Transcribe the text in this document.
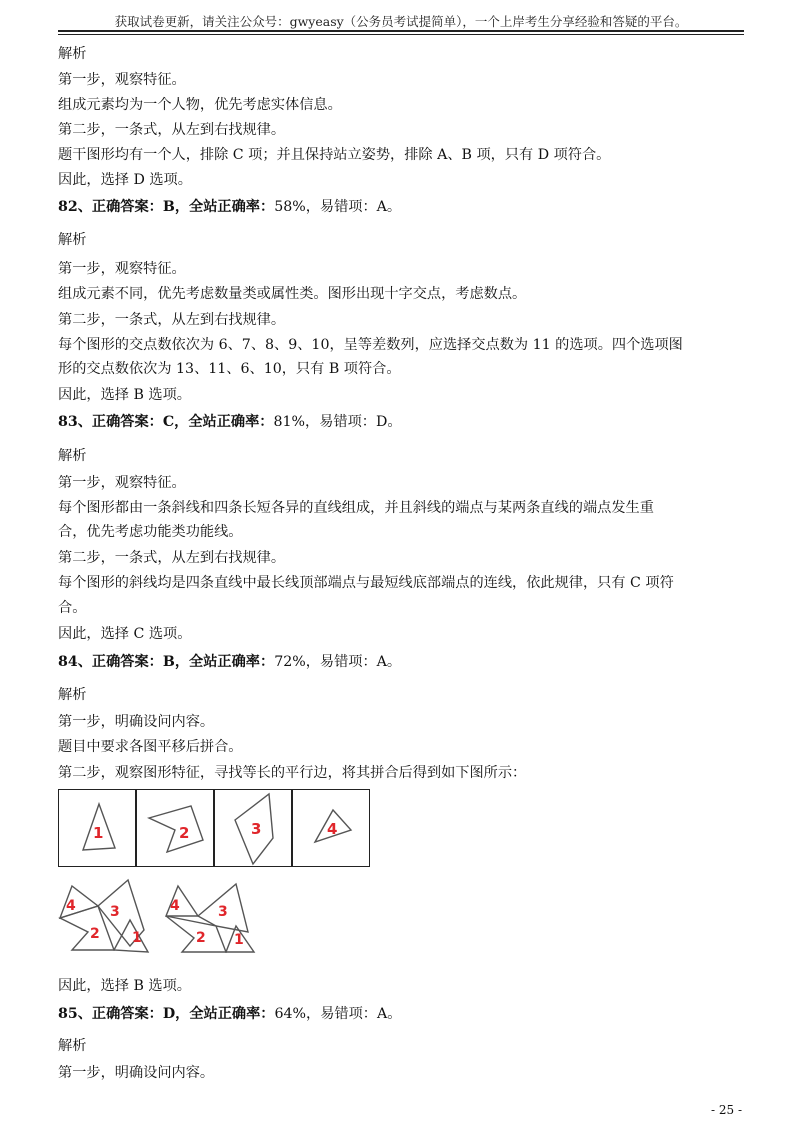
获取试卷更新，请关注公众号：gwyeasy（公务员考试提简单），一个上岸考生分享经验和答疑的平台。
解析
第一步，观察特征。
组成元素均为一个人物，优先考虑实体信息。
第二步，一条式，从左到右找规律。
题干图形均有一个人，排除 C 项；并且保持站立姿势，排除 A、B 项，只有 D 项符合。
因此，选择 D 选项。
82、正确答案：B，全站正确率：58%，易错项：A。
解析
第一步，观察特征。
组成元素不同，优先考虑数量类或属性类。图形出现十字交点，考虑数点。
第二步，一条式，从左到右找规律。
每个图形的交点数依次为 6、7、8、9、10，呈等差数列，应选择交点数为 11 的选项。四个选项图
形的交点数依次为 13、11、6、10，只有 B 项符合。
因此，选择 B 选项。
83、正确答案：C，全站正确率：81%，易错项：D。
解析
第一步，观察特征。
每个图形都由一条斜线和四条长短各异的直线组成，并且斜线的端点与某两条直线的端点发生重
合，优先考虑功能类功能线。
第二步，一条式，从左到右找规律。
每个图形的斜线均是四条直线中最长线顶部端点与最短线底部端点的连线，依此规律，只有 C 项符
合。
因此，选择 C 选项。
84、正确答案：B，全站正确率：72%，易错项：A。
解析
第一步，明确设问内容。
题目中要求各图平移后拼合。
第二步，观察图形特征，寻找等长的平行边，将其拼合后得到如下图所示：
1	2	3	4
4 3
2 1
4	3
2 1
因此，选择 B 选项。
85、正确答案：D，全站正确率：64%，易错项：A。
解析
第一步，明确设问内容。
- 25 -
